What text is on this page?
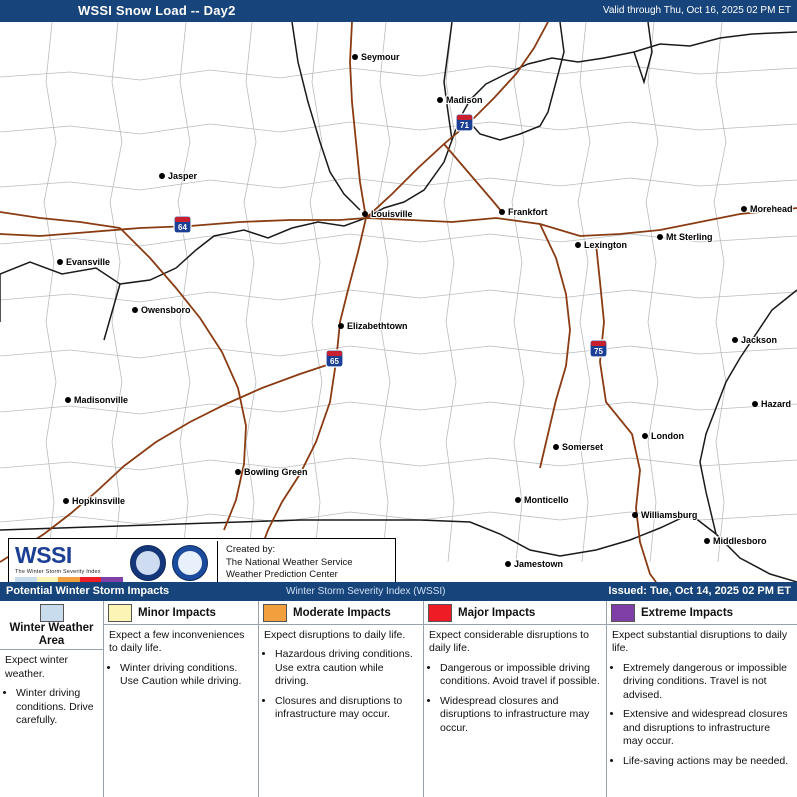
WSSI Snow Load -- Day2	Valid through Thu, Oct 16, 2025 02 PM ET
71
64
65
75
Seymour
Madison
Jasper
Louisville	Frankfort	Morehead
Evansville
Lexington
Mt Sterling
Owensboro
Elizabethtown
Jackson
Madisonville	Hazard
Somerset
London
Bowling Green
Monticello
Hopkinsville
Williamsburg
Middlesboro
Jamestown
WSSI
The Winter Storm Severity Index
Created by:
The National Weather Service
Weather Prediction Center
Potential Winter Storm Impacts	Winter Storm Severity Index (WSSI)	Issued: Tue, Oct 14, 2025 02 PM ET
Winter Weather Area

Expect winter weather.

• Winter driving conditions. Drive carefully.
Minor Impacts

Expect a few inconveniences to daily life.

• Winter driving conditions. Use Caution while driving.
Moderate Impacts

Expect disruptions to daily life.

• Hazardous driving conditions. Use extra caution while driving.
• Closures and disruptions to infrastructure may occur.
Major Impacts

Expect considerable disruptions to daily life.

• Dangerous or impossible driving conditions. Avoid travel if possible.
• Widespread closures and disruptions to infrastructure may occur.
Extreme Impacts

Expect substantial disruptions to daily life.

• Extremely dangerous or impossible driving conditions. Travel is not advised.
• Extensive and widespread closures and disruptions to infrastructure may occur.
• Life-saving actions may be needed.
